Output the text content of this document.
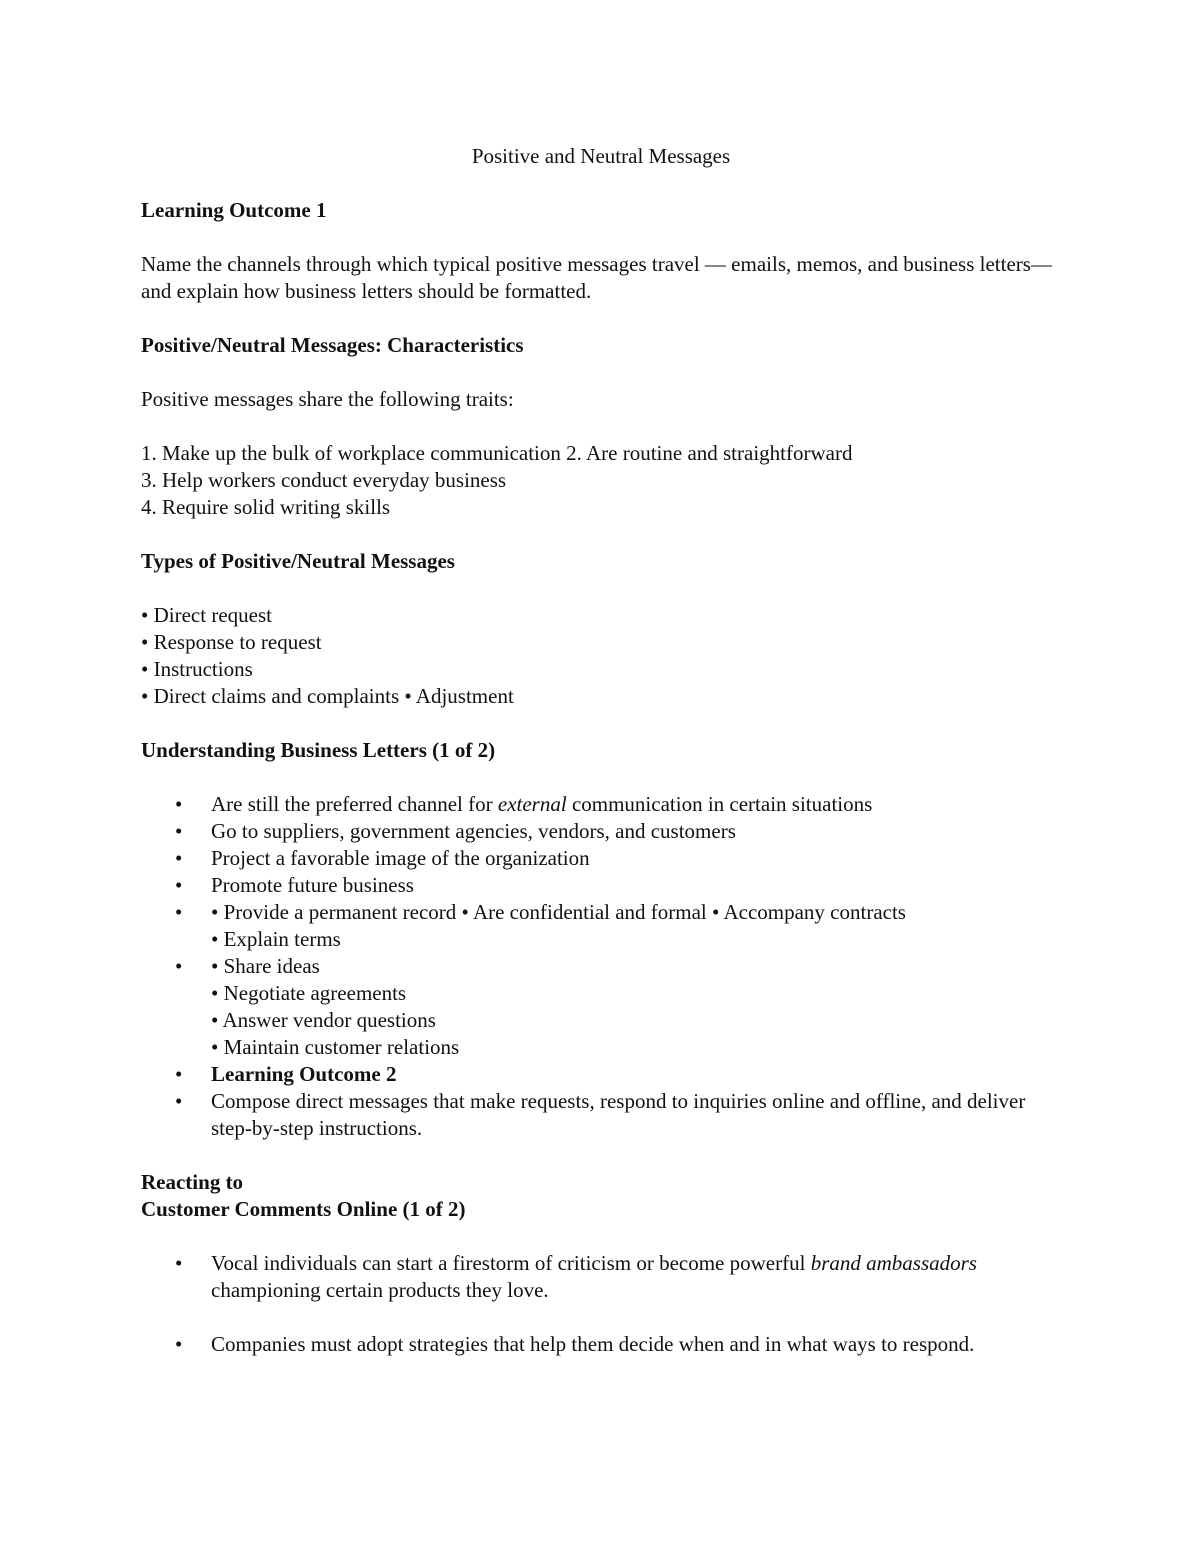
Positive and Neutral Messages

Learning Outcome 1

Name the channels through which typical positive messages travel — emails, memos, and business letters—and explain how business letters should be formatted.

Positive/Neutral Messages: Characteristics

Positive messages share the following traits:

1. Make up the bulk of workplace communication 2. Are routine and straightforward

3. Help workers conduct everyday business

4. Require solid writing skills

Types of Positive/Neutral Messages

• Direct request

• Response to request

• Instructions

• Direct claims and complaints • Adjustment

Understanding Business Letters (1 of 2)

• Are still the preferred channel for external communication in certain situations
• Go to suppliers, government agencies, vendors, and customers
• Project a favorable image of the organization
• Promote future business
• • Provide a permanent record • Are confidential and formal • Accompany contracts
• Explain terms
• • Share ideas
• Negotiate agreements
• Answer vendor questions
• Maintain customer relations
• Learning Outcome 2
• Compose direct messages that make requests, respond to inquiries online and offline, and deliver step-by-step instructions.

Reacting to
Customer Comments Online (1 of 2)

• Vocal individuals can start a firestorm of criticism or become powerful brand ambassadors championing certain products they love.
• Companies must adopt strategies that help them decide when and in what ways to respond.
